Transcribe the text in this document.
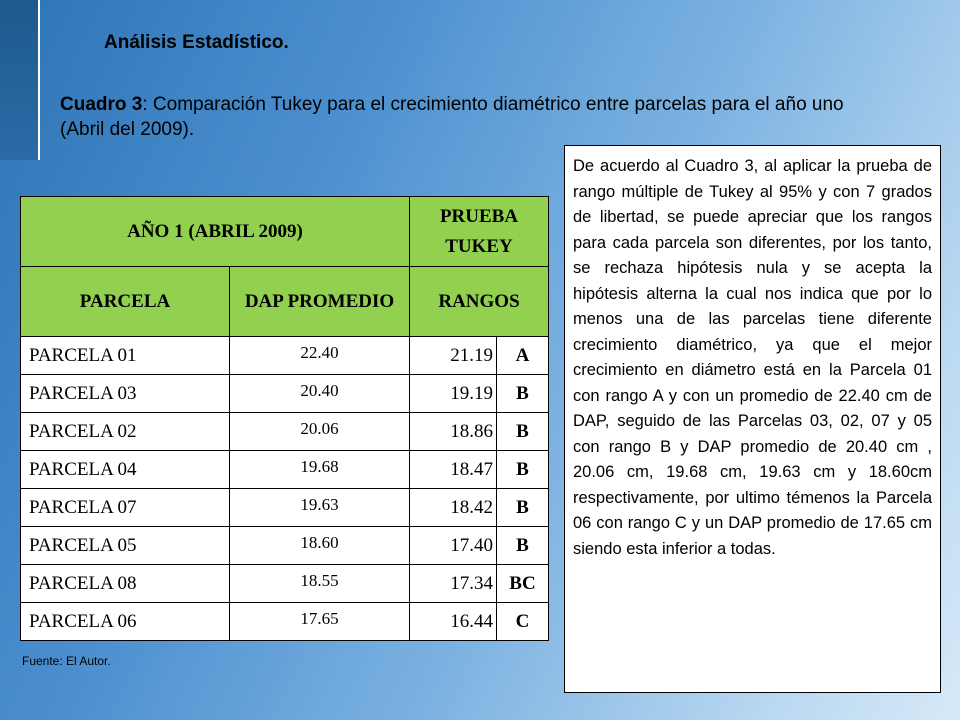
Análisis Estadístico.
Cuadro 3: Comparación Tukey para el crecimiento diamétrico entre parcelas para el año uno (Abril del 2009).
AÑO 1 (ABRIL 2009)		PRUEBA TUKEY	
PARCELA	DAP PROMEDIO	RANGOS	
PARCELA 01	22.40	21.19	A
PARCELA 03	20.40	19.19	B
PARCELA 02	20.06	18.86	B
PARCELA 04	19.68	18.47	B
PARCELA 07	19.63	18.42	B
PARCELA 05	18.60	17.40	B
PARCELA 08	18.55	17.34	BC
PARCELA 06	17.65	16.44	C
Fuente: El Autor.
De acuerdo al Cuadro 3, al aplicar la prueba de rango múltiple de Tukey al 95% y con 7 grados de libertad, se puede apreciar que los rangos para cada parcela son diferentes, por los tanto, se rechaza hipótesis nula y se acepta la hipótesis alterna la cual nos indica que por lo menos una de las parcelas tiene diferente crecimiento diamétrico, ya que el mejor crecimiento en diámetro está en la Parcela 01 con rango A y con un promedio de 22.40 cm de DAP, seguido de las Parcelas 03, 02, 07 y 05 con rango B y DAP promedio de 20.40 cm , 20.06 cm, 19.68 cm, 19.63 cm y 18.60cm respectivamente, por ultimo témenos la Parcela 06 con rango C y un DAP promedio de 17.65 cm siendo esta inferior a todas.
